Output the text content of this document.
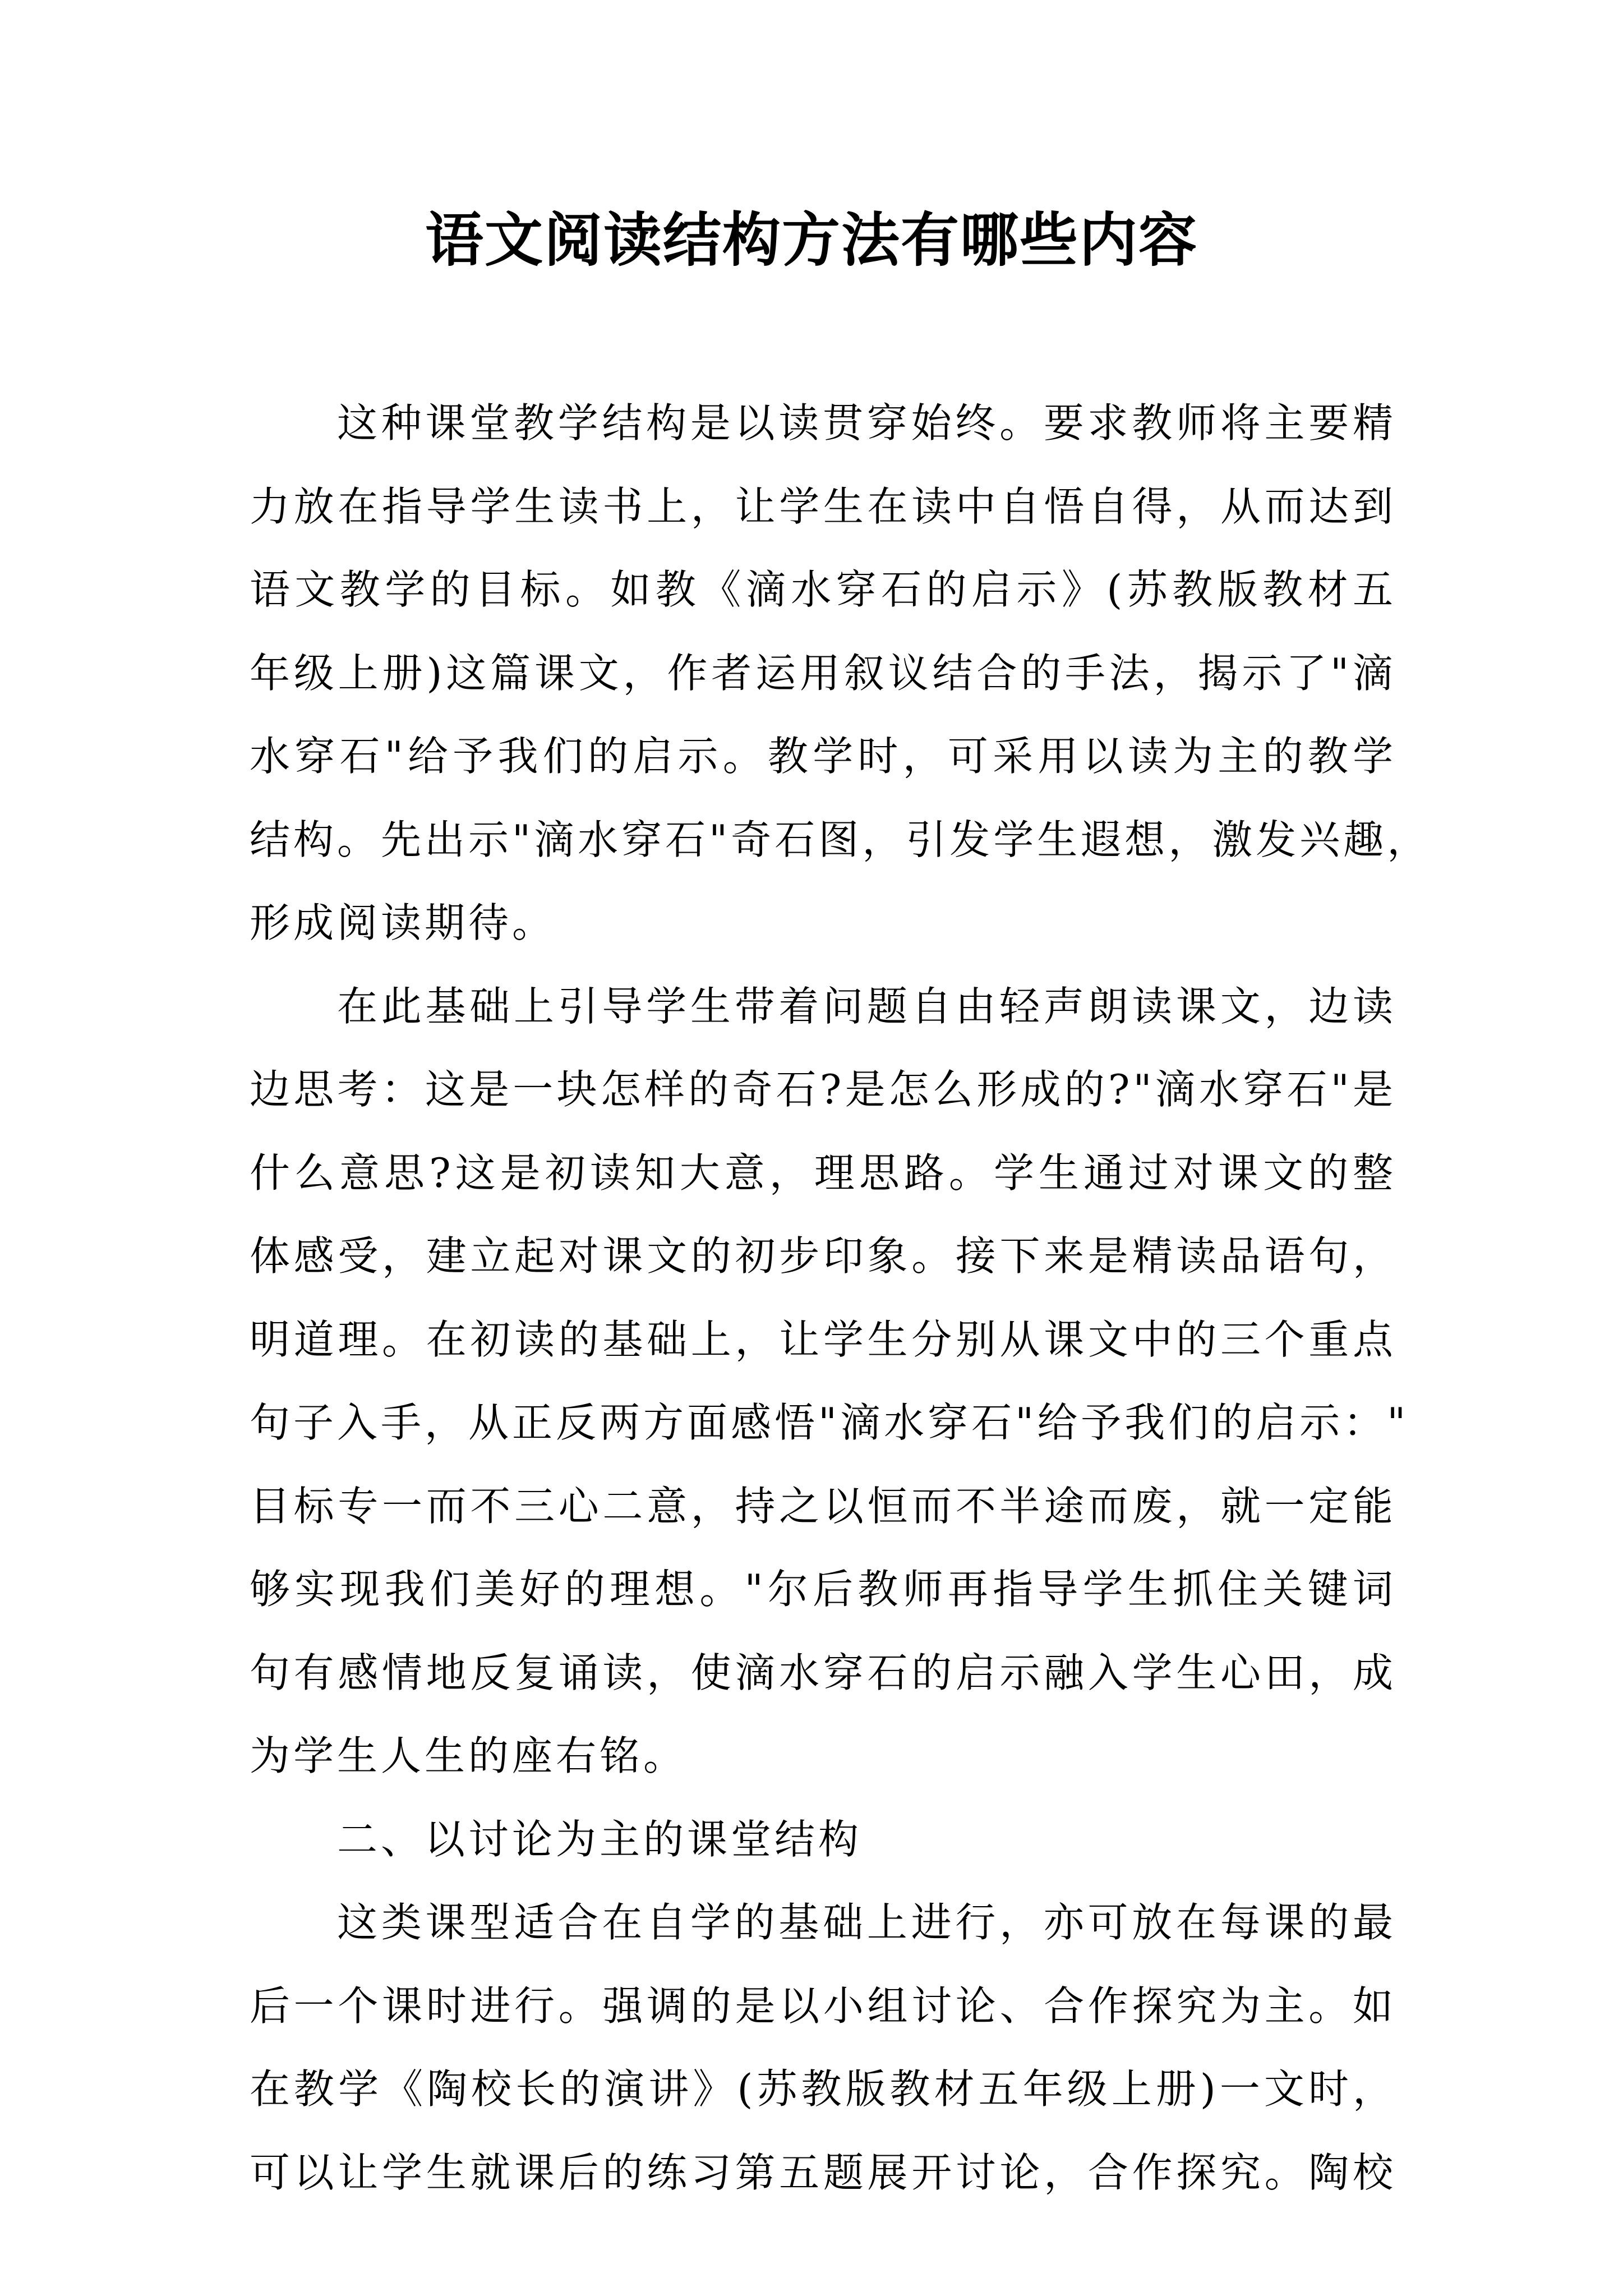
语文阅读结构方法有哪些内容
这种课堂教学结构是以读贯穿始终。要求教师将主要精
力放在指导学生读书上，让学生在读中自悟自得，从而达到
语文教学的目标。如教《滴水穿石的启示》(苏教版教材五
年级上册)这篇课文，作者运用叙议结合的手法，揭示了"滴
水穿石"给予我们的启示。教学时，可采用以读为主的教学
结构。先出示"滴水穿石"奇石图，引发学生遐想，激发兴趣，
形成阅读期待。
在此基础上引导学生带着问题自由轻声朗读课文，边读
边思考：这是一块怎样的奇石?是怎么形成的?"滴水穿石"是
什么意思?这是初读知大意，理思路。学生通过对课文的整
体感受，建立起对课文的初步印象。接下来是精读品语句，
明道理。在初读的基础上，让学生分别从课文中的三个重点
句子入手，从正反两方面感悟"滴水穿石"给予我们的启示："
目标专一而不三心二意，持之以恒而不半途而废，就一定能
够实现我们美好的理想。"尔后教师再指导学生抓住关键词
句有感情地反复诵读，使滴水穿石的启示融入学生心田，成
为学生人生的座右铭。
二、以讨论为主的课堂结构
这类课型适合在自学的基础上进行，亦可放在每课的最
后一个课时进行。强调的是以小组讨论、合作探究为主。如
在教学《陶校长的演讲》(苏教版教材五年级上册)一文时，
可以让学生就课后的练习第五题展开讨论，合作探究。陶校
